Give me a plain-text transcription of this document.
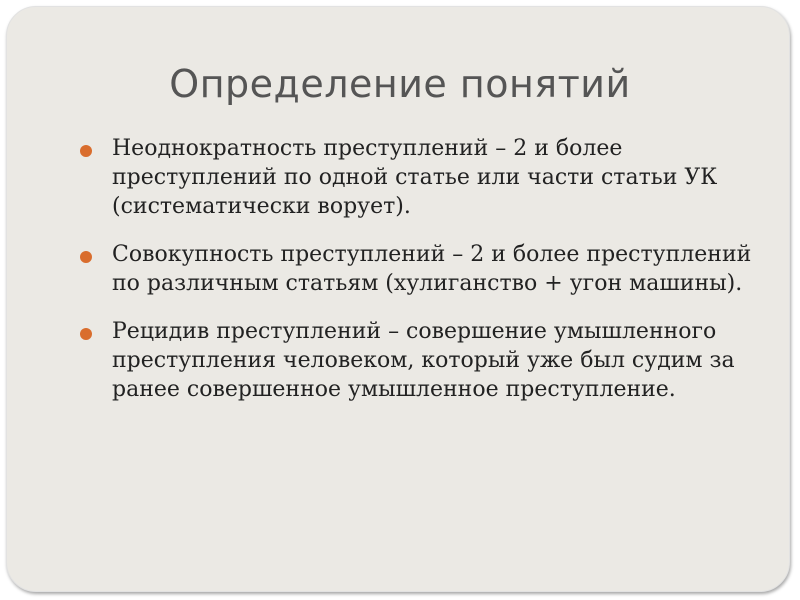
Определение понятий
Неоднократность преступлений – 2 и более преступлений по одной статье или части статьи УК (систематически ворует).
Совокупность преступлений – 2 и более преступлений по различным статьям (хулиганство + угон машины).
Рецидив преступлений – совершение умышленного преступления человеком, который уже был судим за ранее совершенное умышленное преступление.
